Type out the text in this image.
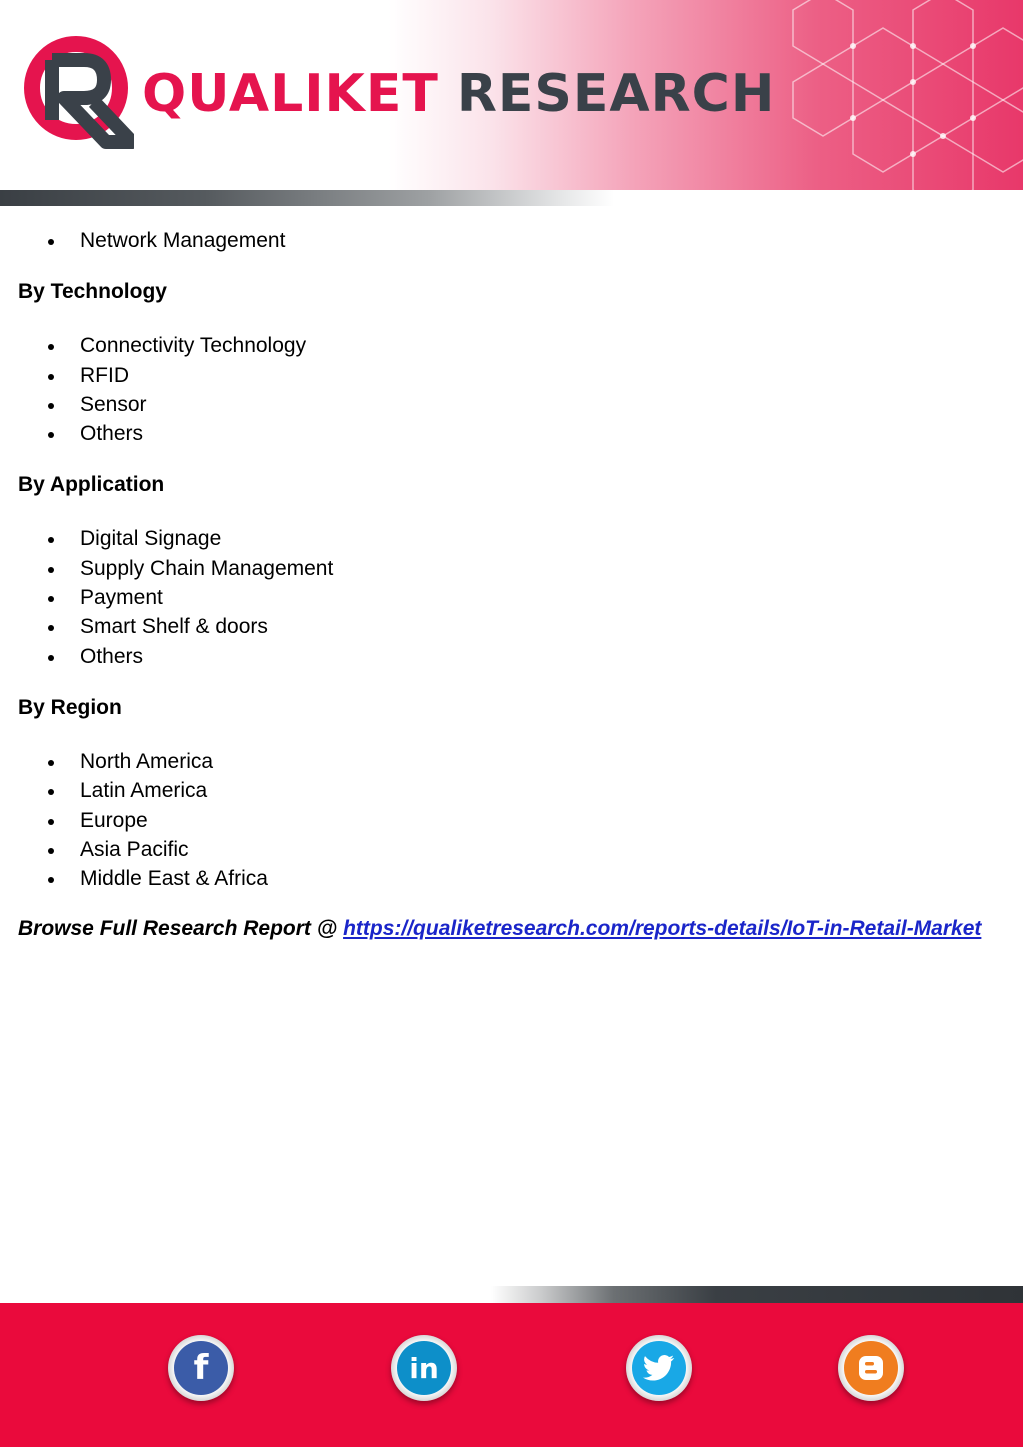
QUALIKET RESEARCH
Network Management
By Technology
Connectivity Technology
RFID
Sensor
Others
By Application
Digital Signage
Supply Chain Management
Payment
Smart Shelf & doors
Others
By Region
North America
Latin America
Europe
Asia Pacific
Middle East & Africa
Browse Full Research Report @ https://qualiketresearch.com/reports-details/IoT-in-Retail-Market
f	in
